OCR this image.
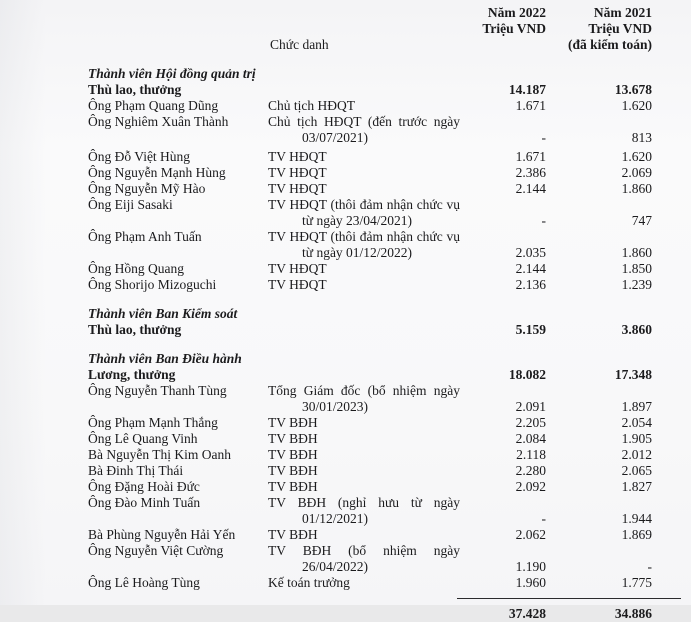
Chức danh
Năm 2022
Triệu VND
Năm 2021
Triệu VND
(đã kiểm toán)
Thành viên Hội đồng quản trị
Thù lao, thưởng	14.187	13.678
Ông Phạm Quang Dũng	Chủ tịch HĐQT	1.671	1.620
Ông Nghiêm Xuân Thành	Chủ tịch HĐQT (đến trước ngày
03/07/2021)	-	813
Ông Đỗ Việt Hùng	TV HĐQT	1.671	1.620
Ông Nguyễn Mạnh Hùng	TV HĐQT	2.386	2.069
Ông Nguyễn Mỹ Hào	TV HĐQT	2.144	1.860
Ông Eiji Sasaki	TV HĐQT (thôi đảm nhận chức vụ
từ ngày 23/04/2021)	-	747
Ông Phạm Anh Tuấn	TV HĐQT (thôi đảm nhận chức vụ
từ ngày 01/12/2022)	2.035	1.860
Ông Hồng Quang	TV HĐQT	2.144	1.850
Ông Shorijo Mizoguchi	TV HĐQT	2.136	1.239
Thành viên Ban Kiểm soát
Thù lao, thưởng	5.159	3.860
Thành viên Ban Điều hành
Lương, thưởng	18.082	17.348
Ông Nguyễn Thanh Tùng	Tổng Giám đốc (bổ nhiệm ngày
30/01/2023)	2.091	1.897
Ông Phạm Mạnh Thắng	TV BĐH	2.205	2.054
Ông Lê Quang Vinh	TV BĐH	2.084	1.905
Bà Nguyễn Thị Kim Oanh	TV BĐH	2.118	2.012
Bà Đinh Thị Thái	TV BĐH	2.280	2.065
Ông Đặng Hoài Đức	TV BĐH	2.092	1.827
Ông Đào Minh Tuấn	TV BĐH (nghỉ hưu từ ngày
01/12/2021)	-	1.944
Bà Phùng Nguyễn Hải Yến	TV BĐH	2.062	1.869
Ông Nguyễn Việt Cường	TV BĐH (bổ nhiệm ngày
26/04/2022)	1.190	-
Ông Lê Hoàng Tùng	Kế toán trưởng	1.960	1.775
37.428	34.886
